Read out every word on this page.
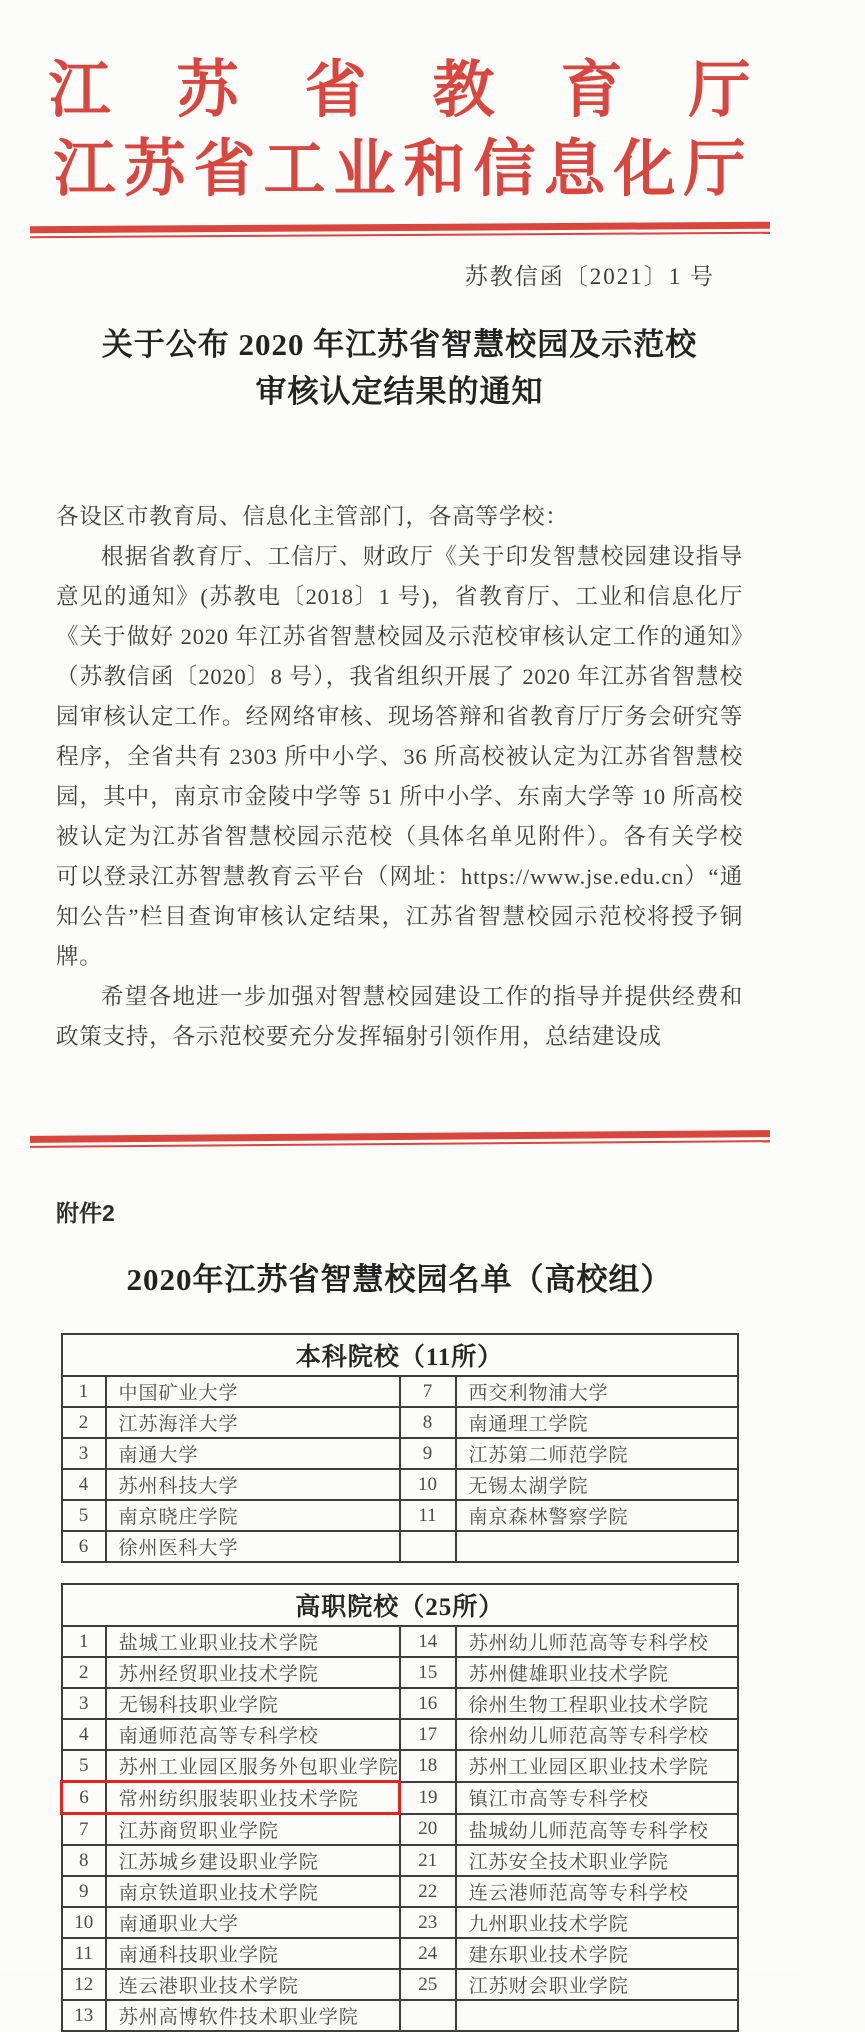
江苏省教育厅
江苏省工业和信息化厅
苏教信函〔2021〕1 号
关于公布 2020 年江苏省智慧校园及示范校
审核认定结果的通知

各设区市教育局、信息化主管部门，各高等学校：

根据省教育厅、工信厅、财政厅《关于印发智慧校园建设指导意见的通知》(苏教电〔2018〕1 号)，省教育厅、工业和信息化厅《关于做好 2020 年江苏省智慧校园及示范校审核认定工作的通知》（苏教信函〔2020〕8 号），我省组织开展了 2020 年江苏省智慧校园审核认定工作。经网络审核、现场答辩和省教育厅厅务会研究等程序，全省共有 2303 所中小学、36 所高校被认定为江苏省智慧校园，其中，南京市金陵中学等 51 所中小学、东南大学等 10 所高校被认定为江苏省智慧校园示范校（具体名单见附件）。各有关学校可以登录江苏智慧教育云平台（网址：https://www.jse.edu.cn）“通知公告”栏目查询审核认定结果，江苏省智慧校园示范校将授予铜牌。

希望各地进一步加强对智慧校园建设工作的指导并提供经费和政策支持，各示范校要充分发挥辐射引领作用，总结建设成

附件2
2020年江苏省智慧校园名单（高校组）
本科院校（11所）			
1	中国矿业大学	7	西交利物浦大学
2	江苏海洋大学	8	南通理工学院
3	南通大学	9	江苏第二师范学院
4	苏州科技大学	10	无锡太湖学院
5	南京晓庄学院	11	南京森林警察学院
6	徐州医科大学		
高职院校（25所）			
1	盐城工业职业技术学院	14	苏州幼儿师范高等专科学校
2	苏州经贸职业技术学院	15	苏州健雄职业技术学院
3	无锡科技职业学院	16	徐州生物工程职业技术学院
4	南通师范高等专科学校	17	徐州幼儿师范高等专科学校
5	苏州工业园区服务外包职业学院	18	苏州工业园区职业技术学院
6	常州纺织服装职业技术学院	19	镇江市高等专科学校
7	江苏商贸职业学院	20	盐城幼儿师范高等专科学校
8	江苏城乡建设职业学院	21	江苏安全技术职业学院
9	南京铁道职业技术学院	22	连云港师范高等专科学校
10	南通职业大学	23	九州职业技术学院
11	南通科技职业学院	24	建东职业技术学院
12	连云港职业技术学院	25	江苏财会职业学院
13	苏州高博软件技术职业学院		
